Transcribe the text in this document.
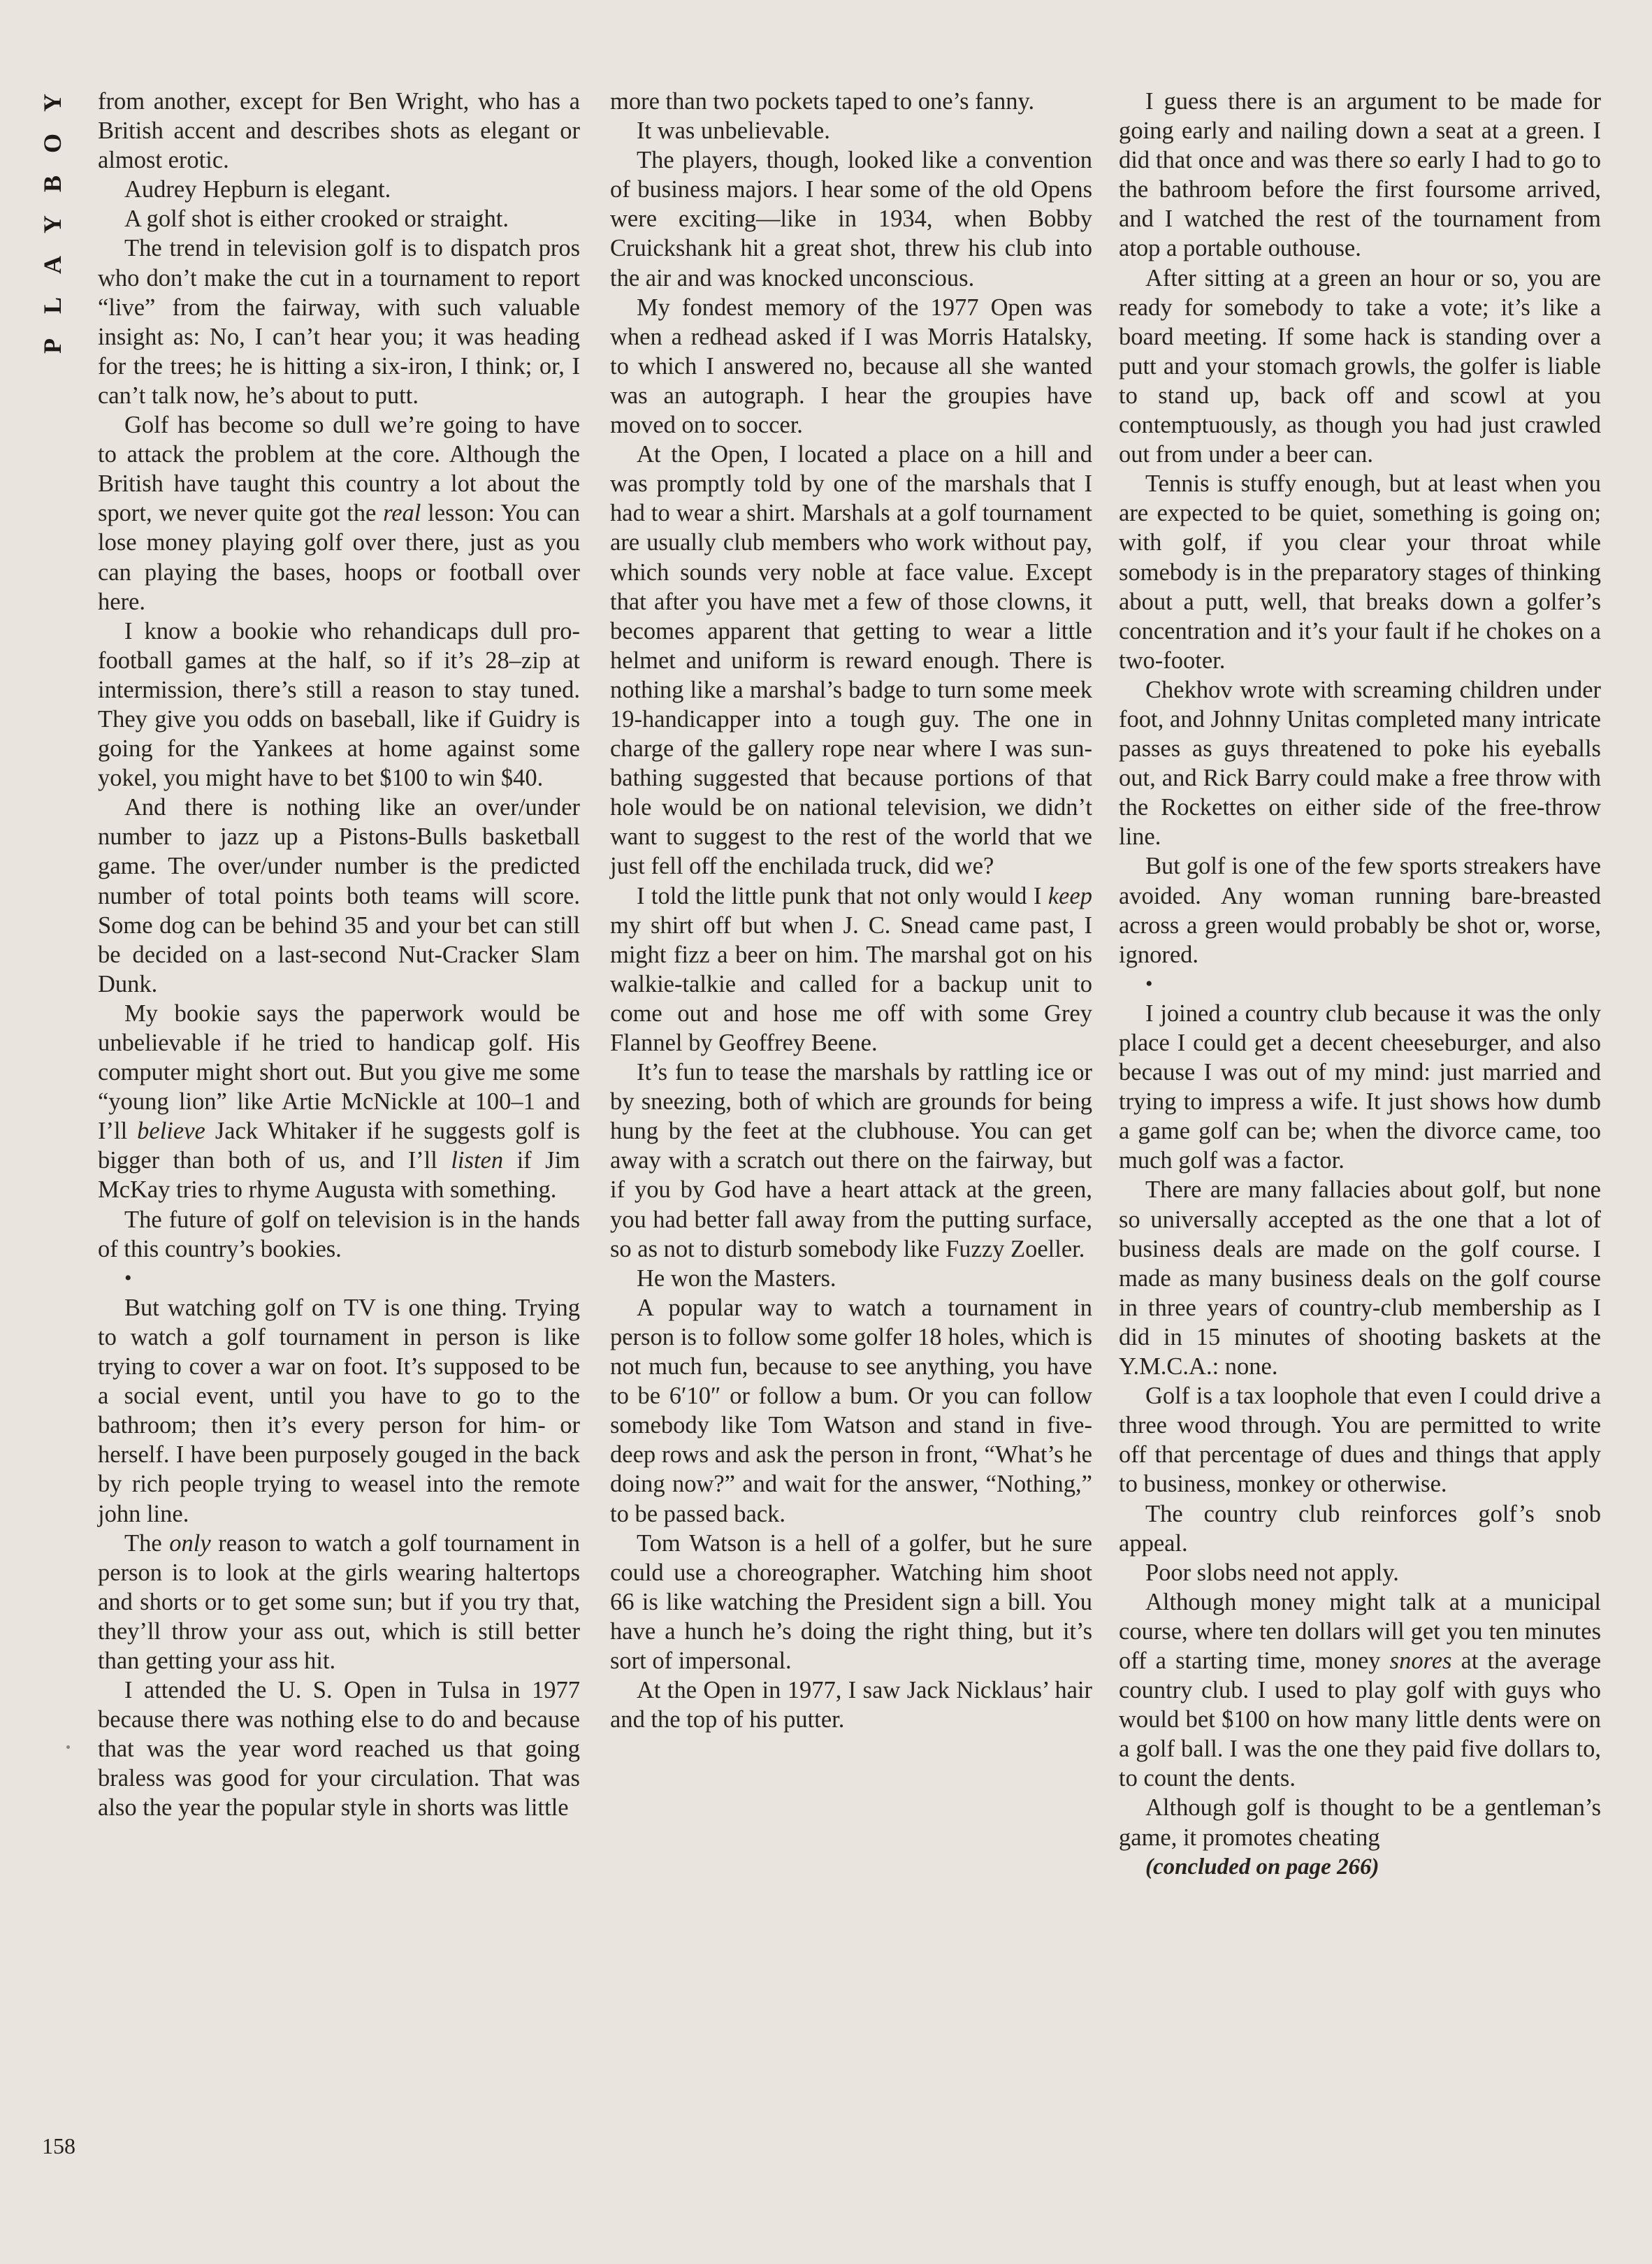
Y
O
B
Y
A
L
P

from another, except for Ben Wright, who has a British accent and describes shots as elegant or almost erotic.

Audrey Hepburn is elegant.

A golf shot is either crooked or straight.

The trend in television golf is to dispatch pros who don’t make the cut in a tournament to report “live” from the fairway, with such valuable insight as: No, I can’t hear you; it was heading for the trees; he is hitting a six-iron, I think; or, I can’t talk now, he’s about to putt.

Golf has become so dull we’re going to have to attack the problem at the core. Although the British have taught this country a lot about the sport, we never quite got the real lesson: You can lose money playing golf over there, just as you can playing the bases, hoops or football over here.

I know a bookie who rehandicaps dull pro-football games at the half, so if it’s 28–zip at intermission, there’s still a reason to stay tuned. They give you odds on baseball, like if Guidry is going for the Yankees at home against some yokel, you might have to bet $100 to win $40.

And there is nothing like an over/under number to jazz up a Pistons-Bulls basketball game. The over/under number is the predicted number of total points both teams will score. Some dog can be behind 35 and your bet can still be decided on a last-second Nut-Cracker Slam Dunk.

My bookie says the paperwork would be unbelievable if he tried to handicap golf. His computer might short out. But you give me some “young lion” like Artie McNickle at 100–1 and I’ll believe Jack Whitaker if he suggests golf is bigger than both of us, and I’ll listen if Jim McKay tries to rhyme Augusta with something.

The future of golf on television is in the hands of this country’s bookies.

•

But watching golf on TV is one thing. Trying to watch a golf tournament in person is like trying to cover a war on foot. It’s supposed to be a social event, until you have to go to the bathroom; then it’s every person for him- or herself. I have been purposely gouged in the back by rich people trying to weasel into the remote john line.

The only reason to watch a golf tournament in person is to look at the girls wearing haltertops and shorts or to get some sun; but if you try that, they’ll throw your ass out, which is still better than getting your ass hit.

I attended the U. S. Open in Tulsa in 1977 because there was nothing else to do and because that was the year word reached us that going braless was good for your circulation. That was also the year the popular style in shorts was little

more than two pockets taped to one’s fanny.

It was unbelievable.

The players, though, looked like a convention of business majors. I hear some of the old Opens were exciting—like in 1934, when Bobby Cruickshank hit a great shot, threw his club into the air and was knocked unconscious.

My fondest memory of the 1977 Open was when a redhead asked if I was Morris Hatalsky, to which I answered no, because all she wanted was an autograph. I hear the groupies have moved on to soccer.

At the Open, I located a place on a hill and was promptly told by one of the marshals that I had to wear a shirt. Marshals at a golf tournament are usually club members who work without pay, which sounds very noble at face value. Except that after you have met a few of those clowns, it becomes apparent that getting to wear a little helmet and uniform is reward enough. There is nothing like a marshal’s badge to turn some meek 19-handicapper into a tough guy. The one in charge of the gallery rope near where I was sun-bathing suggested that because portions of that hole would be on national television, we didn’t want to suggest to the rest of the world that we just fell off the enchilada truck, did we?

I told the little punk that not only would I keep my shirt off but when J. C. Snead came past, I might fizz a beer on him. The marshal got on his walkie-talkie and called for a backup unit to come out and hose me off with some Grey Flannel by Geoffrey Beene.

It’s fun to tease the marshals by rattling ice or by sneezing, both of which are grounds for being hung by the feet at the clubhouse. You can get away with a scratch out there on the fairway, but if you by God have a heart attack at the green, you had better fall away from the putting surface, so as not to disturb somebody like Fuzzy Zoeller.

He won the Masters.

A popular way to watch a tournament in person is to follow some golfer 18 holes, which is not much fun, because to see anything, you have to be 6′10″ or follow a bum. Or you can follow somebody like Tom Watson and stand in five-deep rows and ask the person in front, “What’s he doing now?” and wait for the answer, “Nothing,” to be passed back.

Tom Watson is a hell of a golfer, but he sure could use a choreographer. Watching him shoot 66 is like watching the President sign a bill. You have a hunch he’s doing the right thing, but it’s sort of impersonal.

At the Open in 1977, I saw Jack Nicklaus’ hair and the top of his putter.

I guess there is an argument to be made for going early and nailing down a seat at a green. I did that once and was there so early I had to go to the bathroom before the first foursome arrived, and I watched the rest of the tournament from atop a portable outhouse.

After sitting at a green an hour or so, you are ready for somebody to take a vote; it’s like a board meeting. If some hack is standing over a putt and your stomach growls, the golfer is liable to stand up, back off and scowl at you contemptuously, as though you had just crawled out from under a beer can.

Tennis is stuffy enough, but at least when you are expected to be quiet, something is going on; with golf, if you clear your throat while somebody is in the preparatory stages of thinking about a putt, well, that breaks down a golfer’s concentration and it’s your fault if he chokes on a two-footer.

Chekhov wrote with screaming children under foot, and Johnny Unitas completed many intricate passes as guys threatened to poke his eyeballs out, and Rick Barry could make a free throw with the Rockettes on either side of the free-throw line.

But golf is one of the few sports streakers have avoided. Any woman running bare-breasted across a green would probably be shot or, worse, ignored.

•

I joined a country club because it was the only place I could get a decent cheeseburger, and also because I was out of my mind: just married and trying to impress a wife. It just shows how dumb a game golf can be; when the divorce came, too much golf was a factor.

There are many fallacies about golf, but none so universally accepted as the one that a lot of business deals are made on the golf course. I made as many business deals on the golf course in three years of country-club membership as I did in 15 minutes of shooting baskets at the Y.M.C.A.: none.

Golf is a tax loophole that even I could drive a three wood through. You are permitted to write off that percentage of dues and things that apply to business, monkey or otherwise.

The country club reinforces golf’s snob appeal.

Poor slobs need not apply.

Although money might talk at a municipal course, where ten dollars will get you ten minutes off a starting time, money snores at the average country club. I used to play golf with guys who would bet $100 on how many little dents were on a golf ball. I was the one they paid five dollars to, to count the dents.

Although golf is thought to be a gentleman’s game, it promotes cheating

(concluded on page 266)

158
